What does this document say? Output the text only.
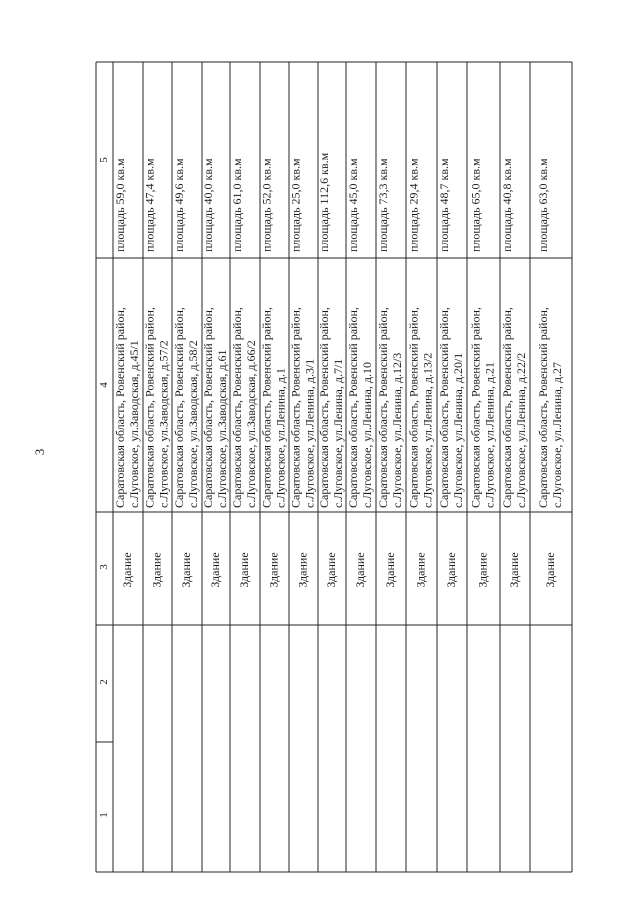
3
1
2
3
4
5
Здание
Саратовская область, Ровенский район, с.Луговское, ул.Заводская, д.45/1
площадь 59,0 кв.м
Здание
Саратовская область, Ровенский район, с.Луговское, ул.Заводская, д.57/2
площадь 47,4 кв.м
Здание
Саратовская область, Ровенский район, с.Луговское, ул.Заводская, д.58/2
площадь 49,6 кв.м
Здание
Саратовская область, Ровенский район, с.Луговское, ул.Заводская, д.61
площадь 40,0 кв.м
Здание
Саратовская область, Ровенский район, с.Луговское, ул.Заводская, д.66/2
площадь 61,0 кв.м
Здание
Саратовская область, Ровенский район, с.Луговское, ул.Ленина, д.1
площадь 52,0 кв.м
Здание
Саратовская область, Ровенский район, с.Луговское, ул.Ленина, д.3/1
площадь 25,0 кв.м
Здание
Саратовская область, Ровенский район, с.Луговское, ул.Ленина, д.7/1
площадь 112,6 кв.м
Здание
Саратовская область, Ровенский район, с.Луговское, ул.Ленина, д.10
площадь 45,0 кв.м
Здание
Саратовская область, Ровенский район, с.Луговское, ул.Ленина, д.12/3
площадь 73,3 кв.м
Здание
Саратовская область, Ровенский район, с.Луговское, ул.Ленина, д.13/2
площадь 29,4 кв.м
Здание
Саратовская область, Ровенский район, с.Луговское, ул.Ленина, д.20/1
площадь 48,7 кв.м
Здание
Саратовская область, Ровенский район, с.Луговское, ул.Ленина, д.21
площадь 65,0 кв.м
Здание
Саратовская область, Ровенский район, с.Луговское, ул.Ленина, д.22/2
площадь 40,8 кв.м
Здание
Саратовская область, Ровенский район, с.Луговское, ул.Ленина, д.27
площадь 63,0 кв.м
